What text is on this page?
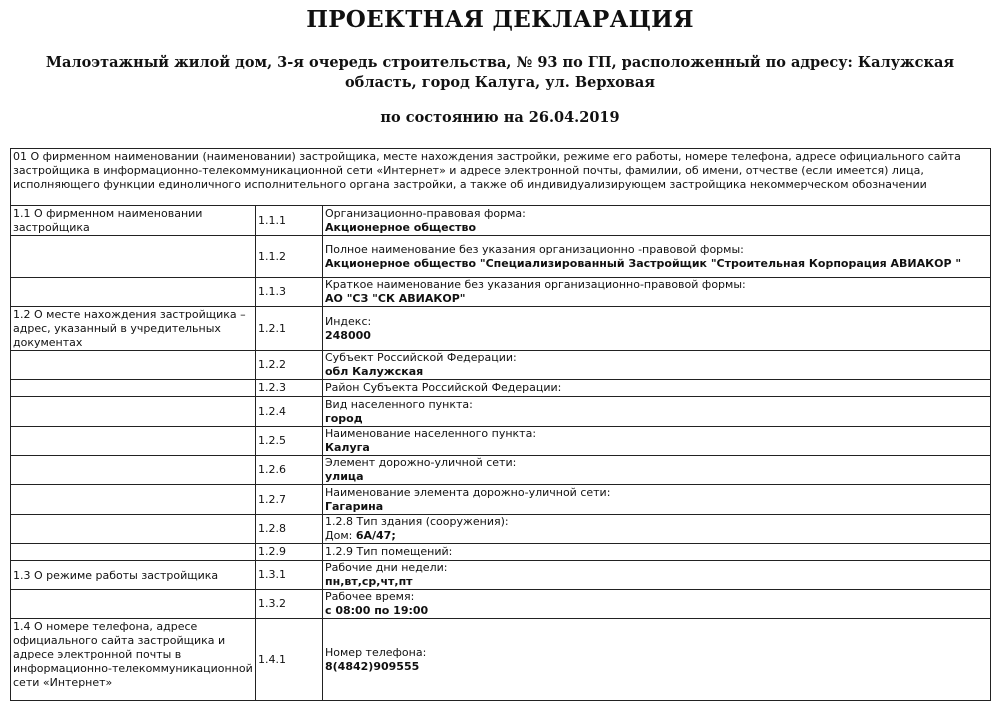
ПРОЕКТНАЯ ДЕКЛАРАЦИЯ
Малоэтажный жилой дом, 3-я очередь строительства, № 93 по ГП, расположенный по адресу: Калужская область, город Калуга, ул. Верховая
по состоянию на 26.04.2019
01 О фирменном наименовании (наименовании) застройщика, месте нахождения застройки, режиме его работы, номере телефона, адресе официального сайта застройщика в информационно-телекоммуникационной сети «Интернет» и адресе электронной почты, фамилии, об имени, отчестве (если имеется) лица, исполняющего функции единоличного исполнительного органа застройки, а также об индивидуализирующем застройщика некоммерческом обозначении		
1.1 О фирменном наименовании застройщика	1.1.1	Организационно-правовая форма:
Акционерное общество

	1.1.2	Полное наименование без указания организационно -правовой формы:
Акционерное общество "Специализированный Застройщик "Строительная Корпорация АВИАКОР "

	1.1.3	Краткое наименование без указания организационно-правовой формы:
АО "СЗ "СК АВИАКОР"

1.2 О месте нахождения застройщика – адрес, указанный в учредительных документах	1.2.1	Индекс:
248000

	1.2.2	Субъект Российской Федерации:
обл Калужская

	1.2.3	Район Субъекта Российской Федерации:

	1.2.4	Вид населенного пункта:
город

	1.2.5	Наименование населенного пункта:
Калуга

	1.2.6	Элемент дорожно-уличной сети:
улица

	1.2.7	Наименование элемента дорожно-уличной сети:
Гагарина

	1.2.8	1.2.8 Тип здания (сооружения):
Дом: 6А/47;

	1.2.9	1.2.9 Тип помещений:

1.3 О режиме работы застройщика	1.3.1	Рабочие дни недели:
пн,вт,ср,чт,пт

	1.3.2	Рабочее время:
с 08:00 по 19:00

1.4 О номере телефона, адресе официального сайта застройщика и адресе электронной почты в информационно-телекоммуникационной сети «Интернет»	1.4.1	Номер телефона:
8(4842)909555
